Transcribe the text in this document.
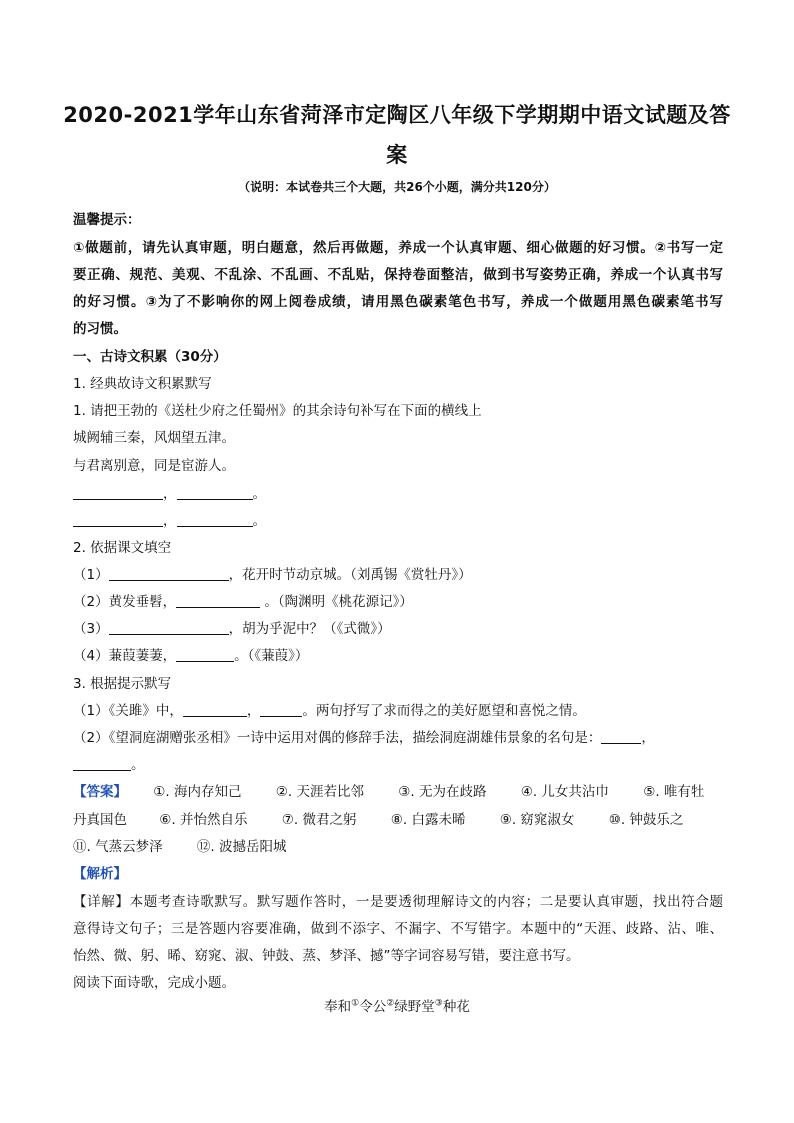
2020-2021学年山东省菏泽市定陶区八年级下学期期中语文试题及答
案
（说明：本试卷共三个大题，共26个小题，满分共120分）
温馨提示：
①做题前，请先认真审题，明白题意，然后再做题，养成一个认真审题、细心做题的好习惯。②书写一定
要正确、规范、美观、不乱涂、不乱画、不乱贴，保持卷面整洁，做到书写姿势正确，养成一个认真书写
的好习惯。③为了不影响你的网上阅卷成绩，请用黑色碳素笔色书写，养成一个做题用黑色碳素笔书写
的习惯。
一、古诗文积累（30分）
1. 经典故诗文积累默写
1. 请把王勃的《送杜少府之任蜀州》的其余诗句补写在下面的横线上
城阙辅三秦，风烟望五津。
与君离别意，同是宦游人。
，	。
，	。
2. 依据课文填空
（1）	，花开时节动京城。（刘禹锡《赏牡丹》）
（2）黄发垂髫，	。（陶渊明《桃花源记》）
（3）	，胡为乎泥中？（《式微》）
（4）蒹葭萋萋，	。（《蒹葭》）
3. 根据提示默写
（1）《关雎》中，	，	。两句抒写了求而得之的美好愿望和喜悦之情。
（2）《望洞庭湖赠张丞相》一诗中运用对偶的修辞手法，描绘洞庭湖雄伟景象的名句是：	，
。
【答案】 ①. 海内存知己	②. 天涯若比邻	③. 无为在歧路	④. 儿女共沾巾	⑤. 唯有牡
丹真国色 ⑥. 并怡然自乐	⑦. 微君之躬	⑧. 白露未晞	⑨. 窈窕淑女	⑩. 钟鼓乐之
⑪. 气蒸云梦泽	⑫. 波撼岳阳城
【解析】
【详解】本题考查诗歌默写。默写题作答时，一是要透彻理解诗文的内容；二是要认真审题，找出符合题
意得诗文句子；三是答题内容要准确，做到不添字、不漏字、不写错字。本题中的“天涯、歧路、沾、唯、
怡然、微、躬、晞、窈窕、淑、钟鼓、蒸、梦泽、撼”等字词容易写错，要注意书写。
阅读下面诗歌，完成小题。
奉和①令公②绿野堂③种花
